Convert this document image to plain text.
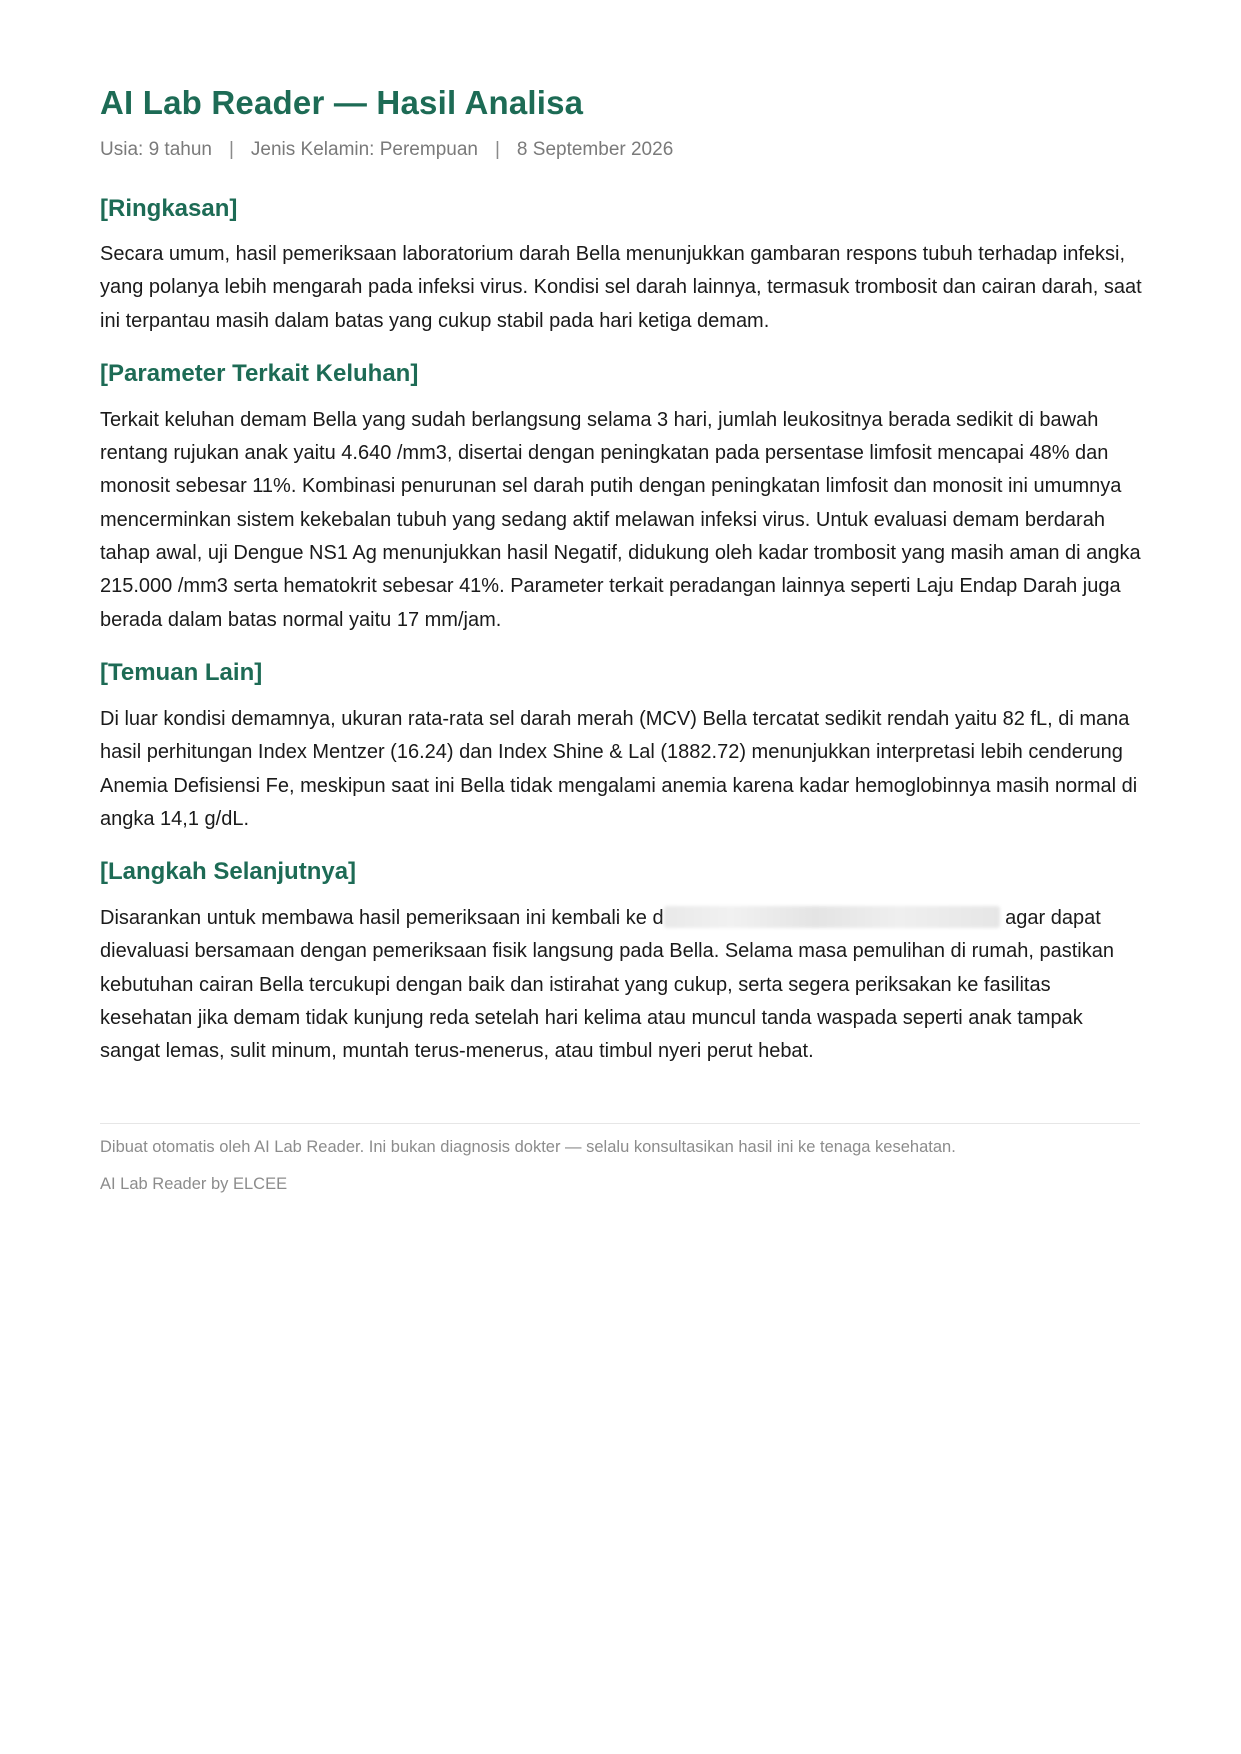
AI Lab Reader — Hasil Analisa
Usia: 9 tahun | Jenis Kelamin: Perempuan | 8 September 2026
[Ringkasan]

Secara umum, hasil pemeriksaan laboratorium darah Bella menunjukkan gambaran respons tubuh terhadap infeksi, yang polanya lebih mengarah pada infeksi virus. Kondisi sel darah lainnya, termasuk trombosit dan cairan darah, saat ini terpantau masih dalam batas yang cukup stabil pada hari ketiga demam.

[Parameter Terkait Keluhan]

Terkait keluhan demam Bella yang sudah berlangsung selama 3 hari, jumlah leukositnya berada sedikit di bawah rentang rujukan anak yaitu 4.640 /mm3, disertai dengan peningkatan pada persentase limfosit mencapai 48% dan monosit sebesar 11%. Kombinasi penurunan sel darah putih dengan peningkatan limfosit dan monosit ini umumnya mencerminkan sistem kekebalan tubuh yang sedang aktif melawan infeksi virus. Untuk evaluasi demam berdarah tahap awal, uji Dengue NS1 Ag menunjukkan hasil Negatif, didukung oleh kadar trombosit yang masih aman di angka 215.000 /mm3 serta hematokrit sebesar 41%. Parameter terkait peradangan lainnya seperti Laju Endap Darah juga berada dalam batas normal yaitu 17 mm/jam.

[Temuan Lain]

Di luar kondisi demamnya, ukuran rata-rata sel darah merah (MCV) Bella tercatat sedikit rendah yaitu 82 fL, di mana hasil perhitungan Index Mentzer (16.24) dan Index Shine & Lal (1882.72) menunjukkan interpretasi lebih cenderung Anemia Defisiensi Fe, meskipun saat ini Bella tidak mengalami anemia karena kadar hemoglobinnya masih normal di angka 14,1 g/dL.

[Langkah Selanjutnya]

Disarankan untuk membawa hasil pemeriksaan ini kembali ke d	agar dapat dievaluasi bersamaan dengan pemeriksaan fisik langsung pada Bella. Selama masa pemulihan di rumah, pastikan kebutuhan cairan Bella tercukupi dengan baik dan istirahat yang cukup, serta segera periksakan ke fasilitas kesehatan jika demam tidak kunjung reda setelah hari kelima atau muncul tanda waspada seperti anak tampak sangat lemas, sulit minum, muntah terus-menerus, atau timbul nyeri perut hebat.

Dibuat otomatis oleh AI Lab Reader. Ini bukan diagnosis dokter — selalu konsultasikan hasil ini ke tenaga kesehatan.
AI Lab Reader by ELCEE
